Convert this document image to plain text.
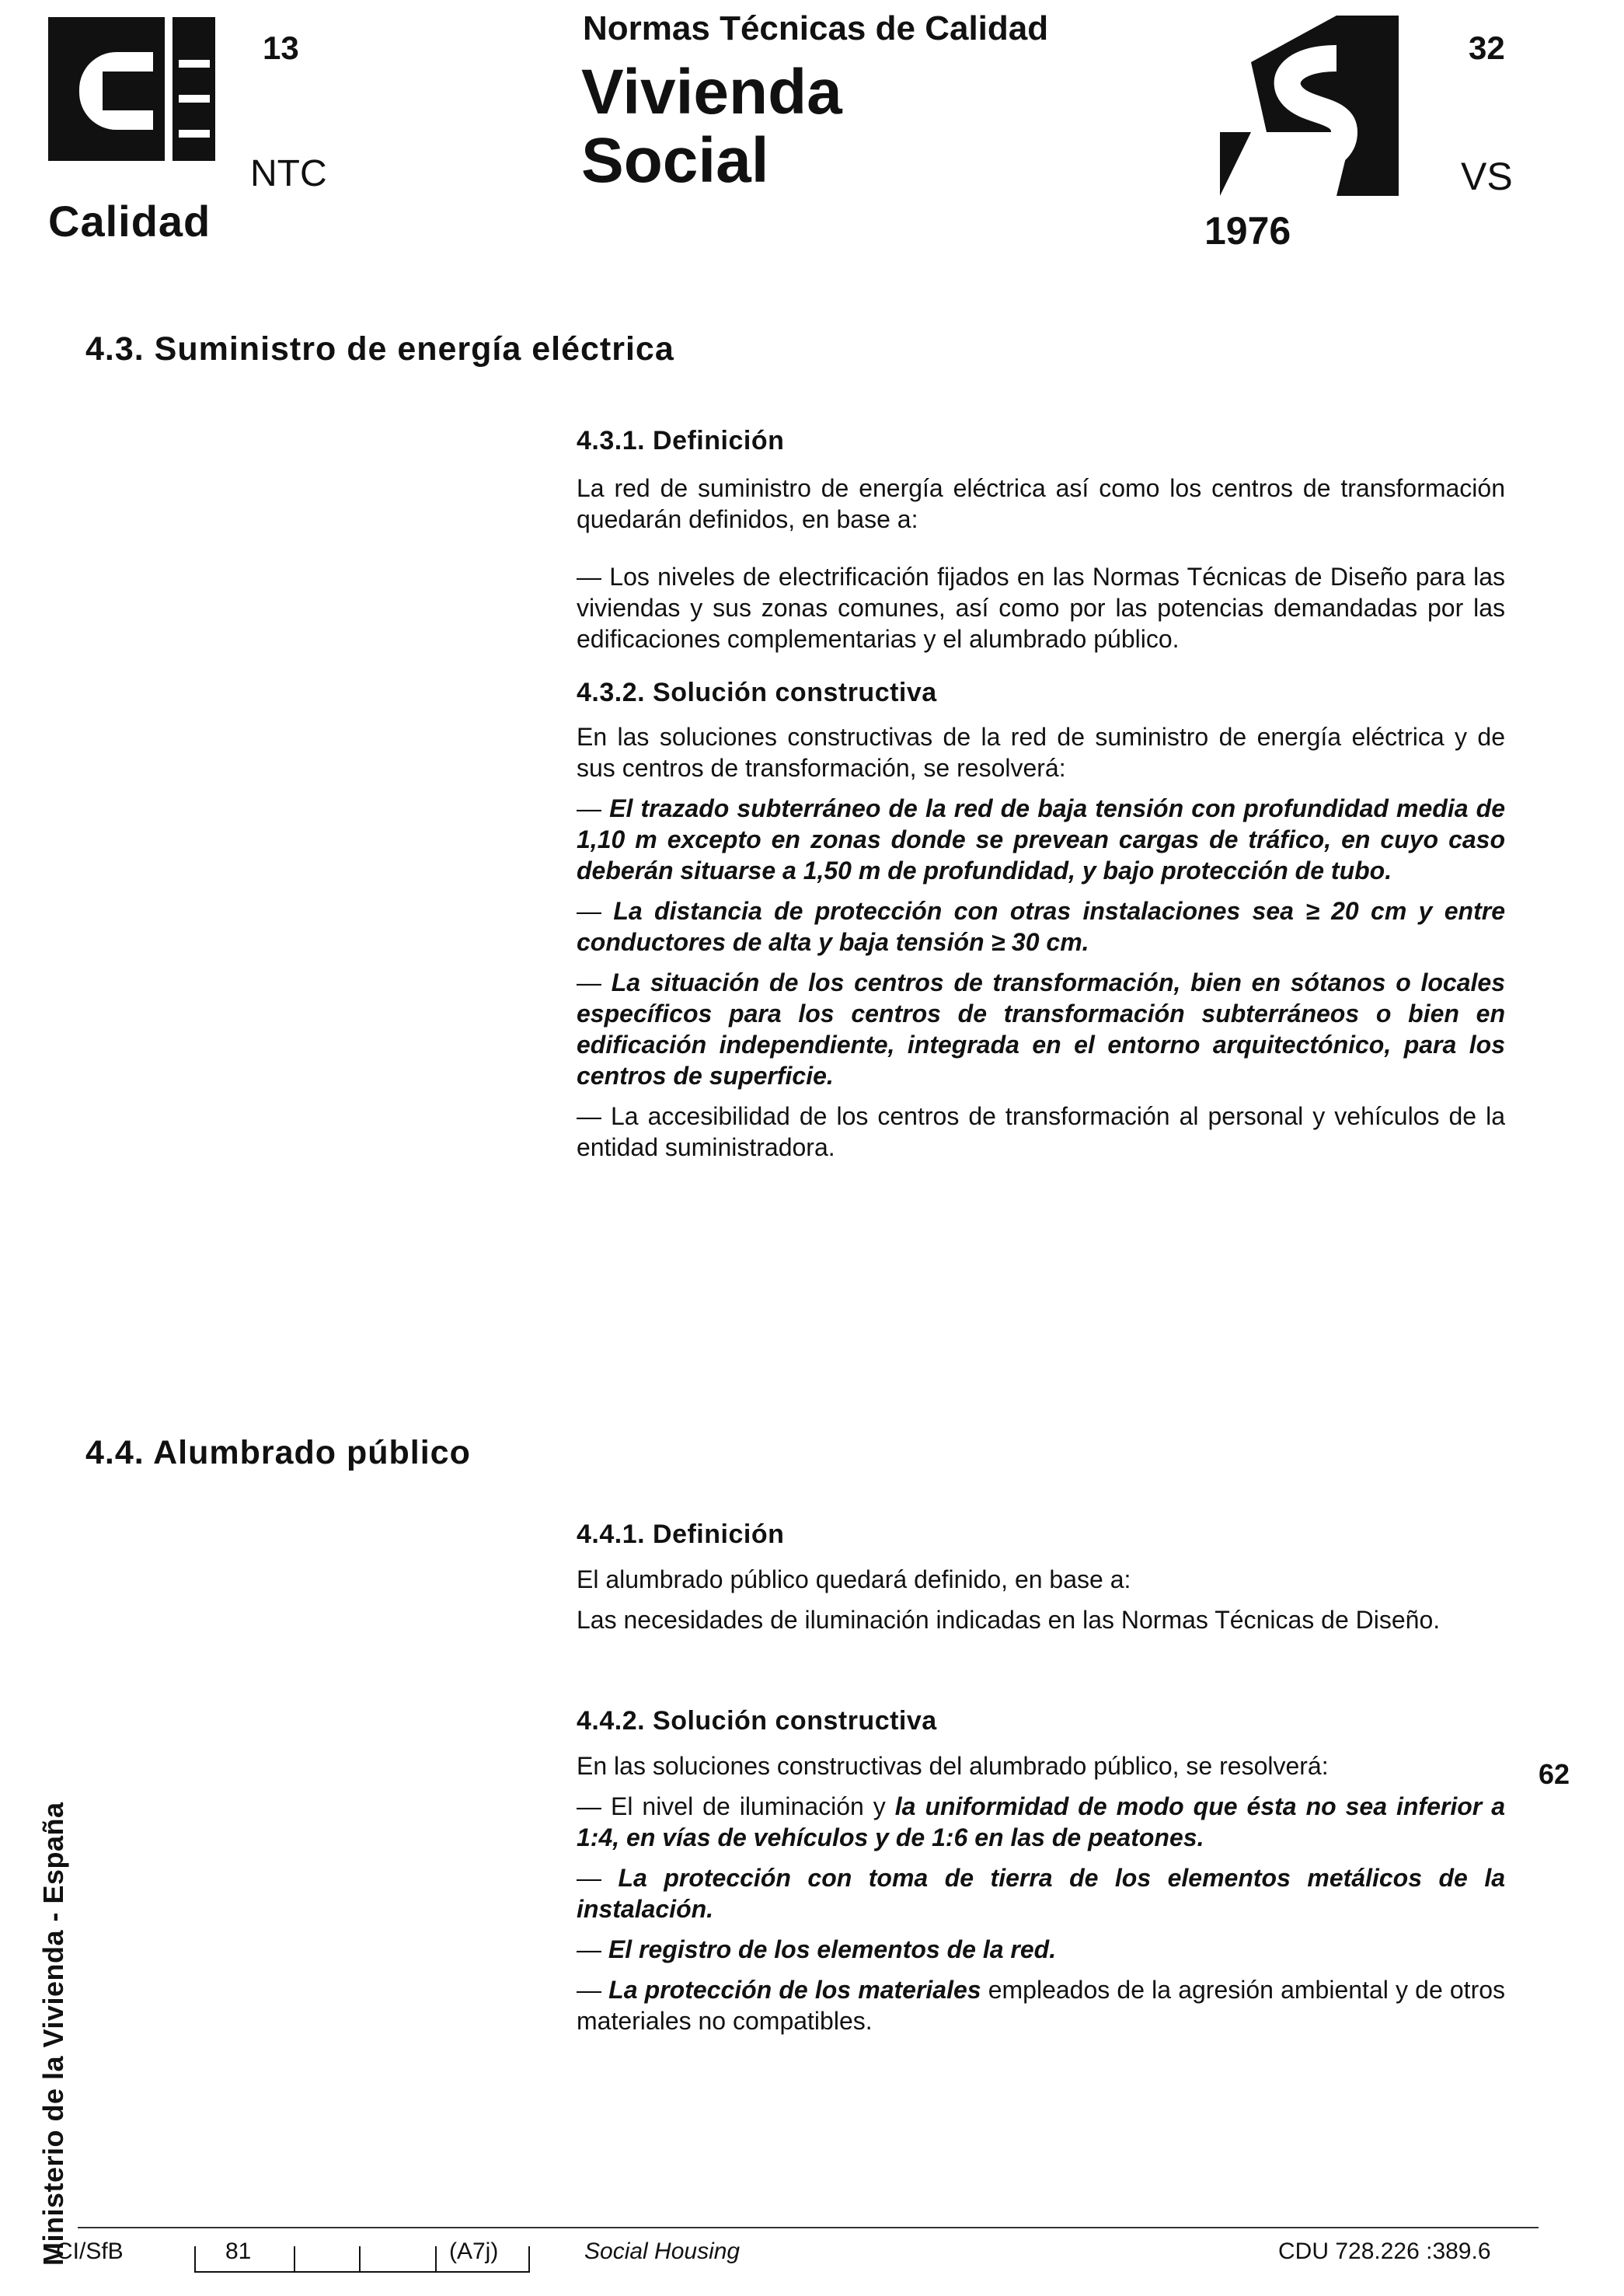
13
NTC
Calidad
Normas Técnicas de Calidad
Vivienda
Social
1976
32
VS
4.3. Suministro de energía eléctrica
4.3.1. Definición

La red de suministro de energía eléctrica así como los centros de transformación quedarán definidos, en base a:

— Los niveles de electrificación fijados en las Normas Técnicas de Diseño para las viviendas y sus zonas comunes, así como por las potencias demandadas por las edificaciones complementarias y el alumbrado público.

4.3.2. Solución constructiva

En las soluciones constructivas de la red de suministro de energía eléctrica y de sus centros de transformación, se resolverá:

— El trazado subterráneo de la red de baja tensión con profundidad media de 1,10 m excepto en zonas donde se prevean cargas de tráfico, en cuyo caso deberán situarse a 1,50 m de profundidad, y bajo protección de tubo.

— La distancia de protección con otras instalaciones sea ≥ 20 cm y entre conductores de alta y baja tensión ≥ 30 cm.

— La situación de los centros de transformación, bien en sótanos o locales específicos para los centros de transformación subterráneos o bien en edificación independiente, integrada en el entorno arquitectónico, para los centros de superficie.

— La accesibilidad de los centros de transformación al personal y vehículos de la entidad suministradora.

4.4. Alumbrado público
4.4.1. Definición

El alumbrado público quedará definido, en base a:

Las necesidades de iluminación indicadas en las Normas Técnicas de Diseño.

4.4.2. Solución constructiva

En las soluciones constructivas del alumbrado público, se resolverá:

— El nivel de iluminación y la uniformidad de modo que ésta no sea inferior a 1:4, en vías de vehículos y de 1:6 en las de peatones.

— La protección con toma de tierra de los elementos metálicos de la instalación.

— El registro de los elementos de la red.

— La protección de los materiales empleados de la agresión ambiental y de otros materiales no compatibles.

Ministerio de la Vivienda - España
62
CI/SfB	81	(A7j)	Social Housing	CDU 728.226 :389.6
